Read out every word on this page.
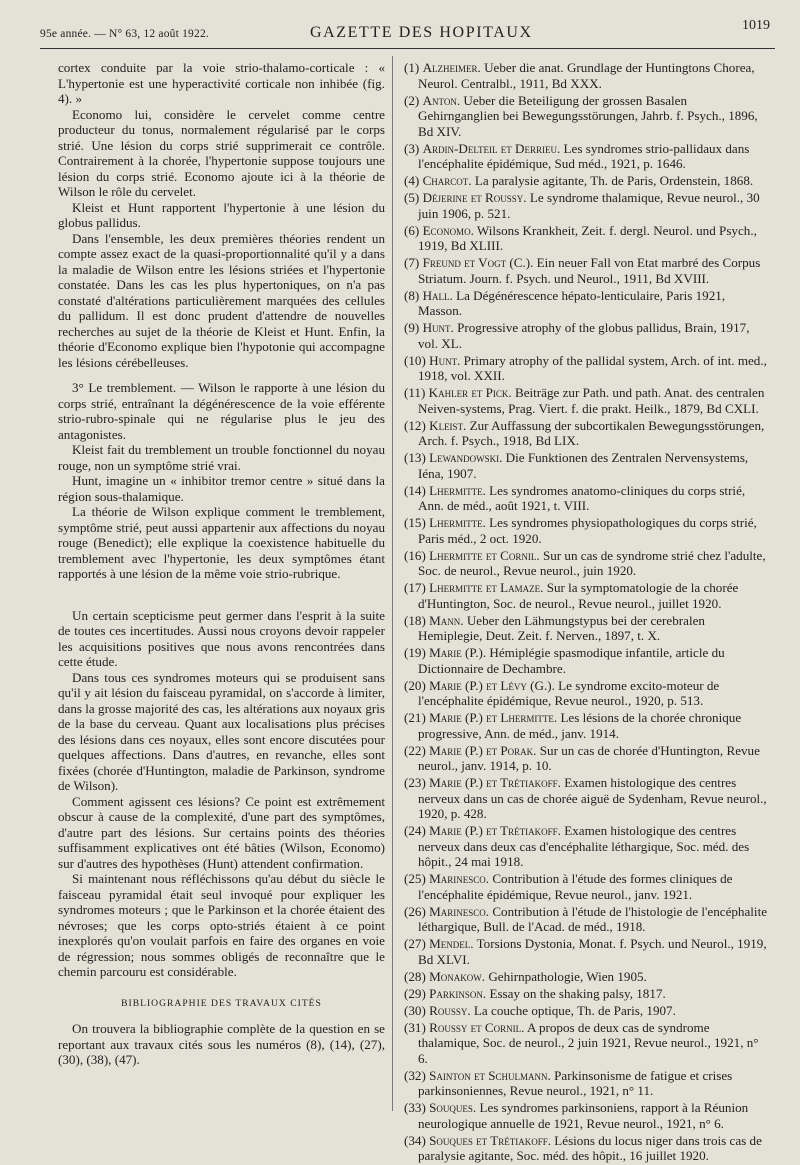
95e année. — N° 63, 12 août 1922.	GAZETTE DES HOPITAUX	1019

cortex conduite par la voie strio-thalamo-corticale : « L'hypertonie est une hyperactivité corticale non inhibée (fig. 4). »

Economo lui, considère le cervelet comme centre producteur du tonus, normalement régularisé par le corps strié. Une lésion du corps strié supprimerait ce contrôle. Contrairement à la chorée, l'hypertonie suppose toujours une lésion du corps strié. Economo ajoute ici à la théorie de Wilson le rôle du cervelet.

Kleist et Hunt rapportent l'hypertonie à une lésion du globus pallidus.

Dans l'ensemble, les deux premières théories rendent un compte assez exact de la quasi-proportionnalité qu'il y a dans la maladie de Wilson entre les lésions striées et l'hypertonie constatée. Dans les cas les plus hypertoniques, on n'a pas constaté d'altérations particulièrement marquées des cellules du pallidum. Il est donc prudent d'attendre de nouvelles recherches au sujet de la théorie de Kleist et Hunt. Enfin, la théorie d'Economo explique bien l'hypotonie qui accompagne les lésions cérébelleuses.

3° Le tremblement. — Wilson le rapporte à une lésion du corps strié, entraînant la dégénérescence de la voie efférente strio-rubro-spinale qui ne régularise plus le jeu des antagonistes.

Kleist fait du tremblement un trouble fonctionnel du noyau rouge, non un symptôme strié vrai.

Hunt, imagine un « inhibitor tremor centre » situé dans la région sous-thalamique.

La théorie de Wilson explique comment le tremblement, symptôme strié, peut aussi appartenir aux affections du noyau rouge (Benedict); elle explique la coexistence habituelle du tremblement avec l'hypertonie, les deux symptômes étant rapportés à une lésion de la même voie strio-rubrique.

Un certain scepticisme peut germer dans l'esprit à la suite de toutes ces incertitudes. Aussi nous croyons devoir rappeler les acquisitions positives que nous avons rencontrées dans cette étude.

Dans tous ces syndromes moteurs qui se produisent sans qu'il y ait lésion du faisceau pyramidal, on s'accorde à limiter, dans la grosse majorité des cas, les altérations aux noyaux gris de la base du cerveau. Quant aux localisations plus précises des lésions dans ces noyaux, elles sont encore discutées pour quelques affections. Dans d'autres, en revanche, elles sont fixées (chorée d'Huntington, maladie de Parkinson, syndrome de Wilson).

Comment agissent ces lésions? Ce point est extrêmement obscur à cause de la complexité, d'une part des symptômes, d'autre part des lésions. Sur certains points des théories suffisamment explicatives ont été bâties (Wilson, Economo) sur d'autres des hypothèses (Hunt) attendent confirmation.

Si maintenant nous réfléchissons qu'au début du siècle le faisceau pyramidal était seul invoqué pour expliquer les syndromes moteurs ; que le Parkinson et la chorée étaient des névroses; que les corps opto-striés étaient à ce point inexplorés qu'on voulait parfois en faire des organes en voie de régression; nous sommes obligés de reconnaître que le chemin parcouru est considérable.

BIBLIOGRAPHIE DES TRAVAUX CITÉS

On trouvera la bibliographie complète de la question en se reportant aux travaux cités sous les numéros (8), (14), (27), (30), (38), (47).

(1) Alzheimer. Ueber die anat. Grundlage der Huntingtons Chorea, Neurol. Centralbl., 1911, Bd XXX.
(2) Anton. Ueber die Beteiligung der grossen Basalen Gehirnganglien bei Bewegungsstörungen, Jahrb. f. Psych., 1896, Bd XIV.
(3) Ardin-Delteil et Derrieu. Les syndromes strio-pallidaux dans l'encéphalite épidémique, Sud méd., 1921, p. 1646.
(4) Charcot. La paralysie agitante, Th. de Paris, Ordenstein, 1868.
(5) Déjerine et Roussy. Le syndrome thalamique, Revue neurol., 30 juin 1906, p. 521.
(6) Economo. Wilsons Krankheit, Zeit. f. dergl. Neurol. und Psych., 1919, Bd XLIII.
(7) Freund et Vogt (C.). Ein neuer Fall von Etat marbré des Corpus Striatum. Journ. f. Psych. und Neurol., 1911, Bd XVIII.
(8) Hall. La Dégénérescence hépato-lenticulaire, Paris 1921, Masson.
(9) Hunt. Progressive atrophy of the globus pallidus, Brain, 1917, vol. XL.
(10) Hunt. Primary atrophy of the pallidal system, Arch. of int. med., 1918, vol. XXII.
(11) Kahler et Pick. Beiträge zur Path. und path. Anat. des centralen Neiven-systems, Prag. Viert. f. die prakt. Heilk., 1879, Bd CXLI.
(12) Kleist. Zur Auffassung der subcortikalen Bewegungsstörungen, Arch. f. Psych., 1918, Bd LIX.
(13) Lewandowski. Die Funktionen des Zentralen Nervensystems, Iéna, 1907.
(14) Lhermitte. Les syndromes anatomo-cliniques du corps strié, Ann. de méd., août 1921, t. VIII.
(15) Lhermitte. Les syndromes physiopathologiques du corps strié, Paris méd., 2 oct. 1920.
(16) Lhermitte et Cornil. Sur un cas de syndrome strié chez l'adulte, Soc. de neurol., Revue neurol., juin 1920.
(17) Lhermitte et Lamaze. Sur la symptomatologie de la chorée d'Huntington, Soc. de neurol., Revue neurol., juillet 1920.
(18) Mann. Ueber den Lähmungstypus bei der cerebralen Hemiplegie, Deut. Zeit. f. Nerven., 1897, t. X.
(19) Marie (P.). Hémiplégie spasmodique infantile, article du Dictionnaire de Dechambre.
(20) Marie (P.) et Lévy (G.). Le syndrome excito-moteur de l'encéphalite épidémique, Revue neurol., 1920, p. 513.
(21) Marie (P.) et Lhermitte. Les lésions de la chorée chronique progressive, Ann. de méd., janv. 1914.
(22) Marie (P.) et Porak. Sur un cas de chorée d'Huntington, Revue neurol., janv. 1914, p. 10.
(23) Marie (P.) et Trétiakoff. Examen histologique des centres nerveux dans un cas de chorée aiguë de Sydenham, Revue neurol., 1920, p. 428.
(24) Marie (P.) et Trétiakoff. Examen histologique des centres nerveux dans deux cas d'encéphalite léthargique, Soc. méd. des hôpit., 24 mai 1918.
(25) Marinesco. Contribution à l'étude des formes cliniques de l'encéphalite épidémique, Revue neurol., janv. 1921.
(26) Marinesco. Contribution à l'étude de l'histologie de l'encéphalite léthargique, Bull. de l'Acad. de méd., 1918.
(27) Mendel. Torsions Dystonia, Monat. f. Psych. und Neurol., 1919, Bd XLVI.
(28) Monakow. Gehirnpathologie, Wien 1905.
(29) Parkinson. Essay on the shaking palsy, 1817.
(30) Roussy. La couche optique, Th. de Paris, 1907.
(31) Roussy et Cornil. A propos de deux cas de syndrome thalamique, Soc. de neurol., 2 juin 1921, Revue neurol., 1921, n° 6.
(32) Sainton et Schulmann. Parkinsonisme de fatigue et crises parkinsoniennes, Revue neurol., 1921, n° 11.
(33) Souques. Les syndromes parkinsoniens, rapport à la Réunion neurologique annuelle de 1921, Revue neurol., 1921, n° 6.
(34) Souques et Trétiakoff. Lésions du locus niger dans trois cas de paralysie agitante, Soc. méd. des hôpit., 16 juillet 1920.
